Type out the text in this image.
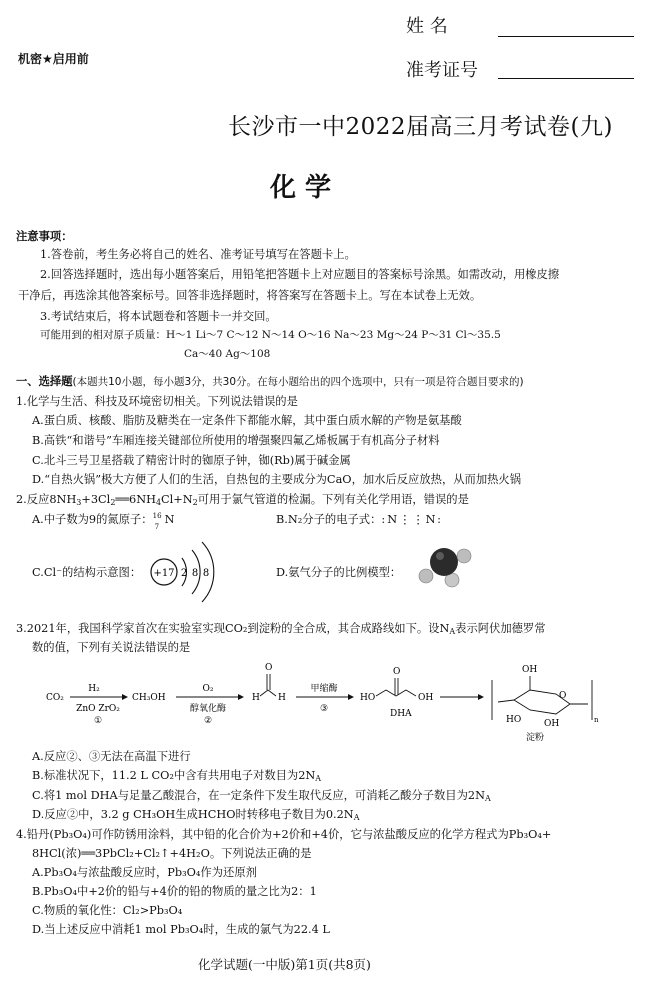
姓 名
准考证号
机密★启用前
长沙市一中2022届高三月考试卷(九)
化 学
注意事项：
1.答卷前，考生务必将自己的姓名、准考证号填写在答题卡上。
2.回答选择题时，选出每小题答案后，用铅笔把答题卡上对应题目的答案标号涂黑。如需改动，用橡皮擦
干净后，再选涂其他答案标号。回答非选择题时，将答案写在答题卡上。写在本试卷上无效。
3.考试结束后，将本试题卷和答题卡一并交回。
可能用到的相对原子质量：H～1 Li～7 C～12 N～14 O～16 Na～23 Mg～24 P～31 Cl～35.5
Ca～40 Ag～108
一、选择题(本题共10小题，每小题3分，共30分。在每小题给出的四个选项中，只有一项是符合题目要求的)
1.化学与生活、科技及环境密切相关。下列说法错误的是
A.蛋白质、核酸、脂肪及糖类在一定条件下都能水解，其中蛋白质水解的产物是氨基酸
B.高铁“和谐号”车厢连接关键部位所使用的增强聚四氟乙烯板属于有机高分子材料
C.北斗三号卫星搭载了精密计时的铷原子钟，铷(Rb)属于碱金属
D.“自热火锅”极大方便了人们的生活，自热包的主要成分为CaO，加水后反应放热，从而加热火锅
2.反应$8NH_3+3Cl_2══6NH_4Cl+N_2$可用于氯气管道的检漏。下列有关化学用语，错误的是
A.中子数为9的氮原子： 16
7
N	B.N₂分子的电子式：:N⋮⋮N:
C.Cl⁻的结构示意图： +17 2 8 8	D.氨气分子的比例模型：
3.2021年，我国科学家首次在实验室实现CO₂到淀粉的全合成，其合成路线如下。设$N_A$表示阿伏加德罗常
数的值，下列有关说法错误的是
CO₂
H₂
ZnO ZrO₂
①
CH₃OH
O₂
醇氧化酶
②
H
O
H
甲缩酶
③
HO
O
OH
DHA
OH
HO	OH
O
n
淀粉
A.反应②、③无法在高温下进行
B.标准状况下，11.2 L CO₂中含有共用电子对数目为$2N_A$
C.将1 mol DHA与足量乙酸混合，在一定条件下发生取代反应，可消耗乙酸分子数目为$2N_A$
D.反应②中，3.2 g CH₃OH生成HCHO时转移电子数目为$0.2N_A$
4.铅丹(Pb₃O₄)可作防锈用涂料，其中铅的化合价为+2价和+4价，它与浓盐酸反应的化学方程式为Pb₃O₄+
8HCl(浓)══3PbCl₂+Cl₂↑+4H₂O。下列说法正确的是
A.Pb₃O₄与浓盐酸反应时，Pb₃O₄作为还原剂
B.Pb₃O₄中+2价的铅与+4价的铅的物质的量之比为2：1
C.物质的氧化性：Cl₂>Pb₃O₄
D.当上述反应中消耗1 mol Pb₃O₄时，生成的氯气为22.4 L
化学试题(一中版)第1页(共8页)
